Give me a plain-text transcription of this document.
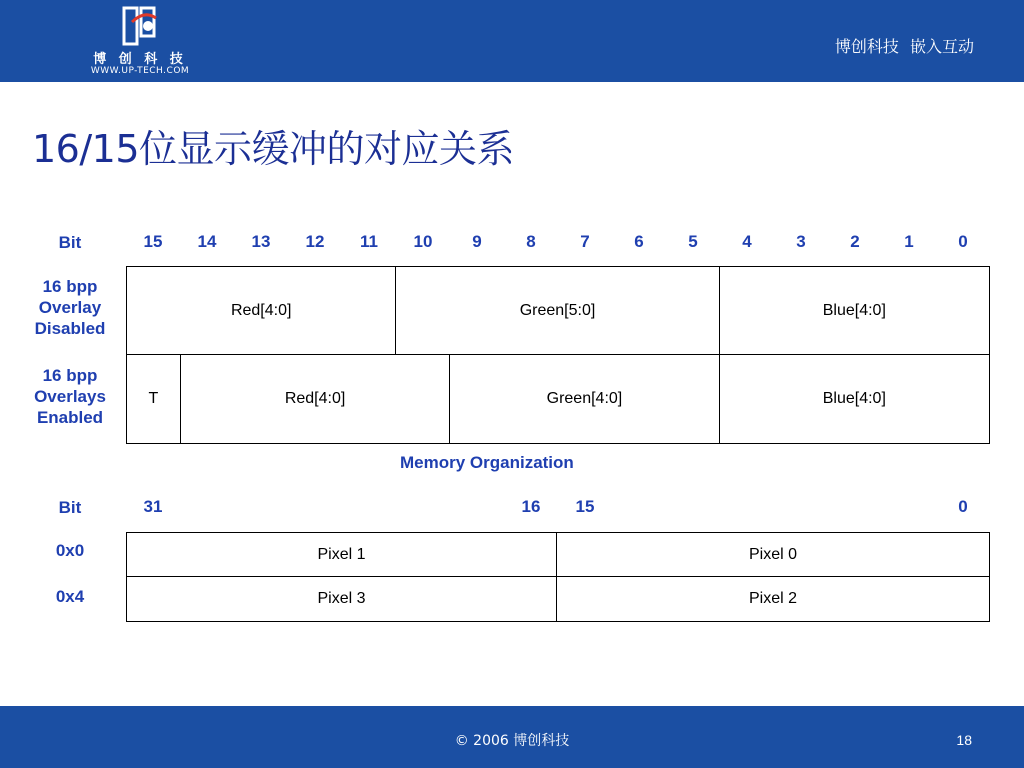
博 创 科 技
WWW.UP-TECH.COM
博创科技 嵌入互动
16/15位显示缓冲的对应关系
Bit	15	14	13	12	11	10	9	8	7	6	5	4	3	2	1	0
16 bpp
Overlay
Disabled
Red[4:0]	Green[5:0]	Blue[4:0]
16 bpp
Overlays
Enabled
T	Red[4:0]	Green[4:0]	Blue[4:0]
Memory Organization
Bit	31	16	15	0
0x0	Pixel 1	Pixel 0
0x4	Pixel 3	Pixel 2
© 2006 博创科技	18
